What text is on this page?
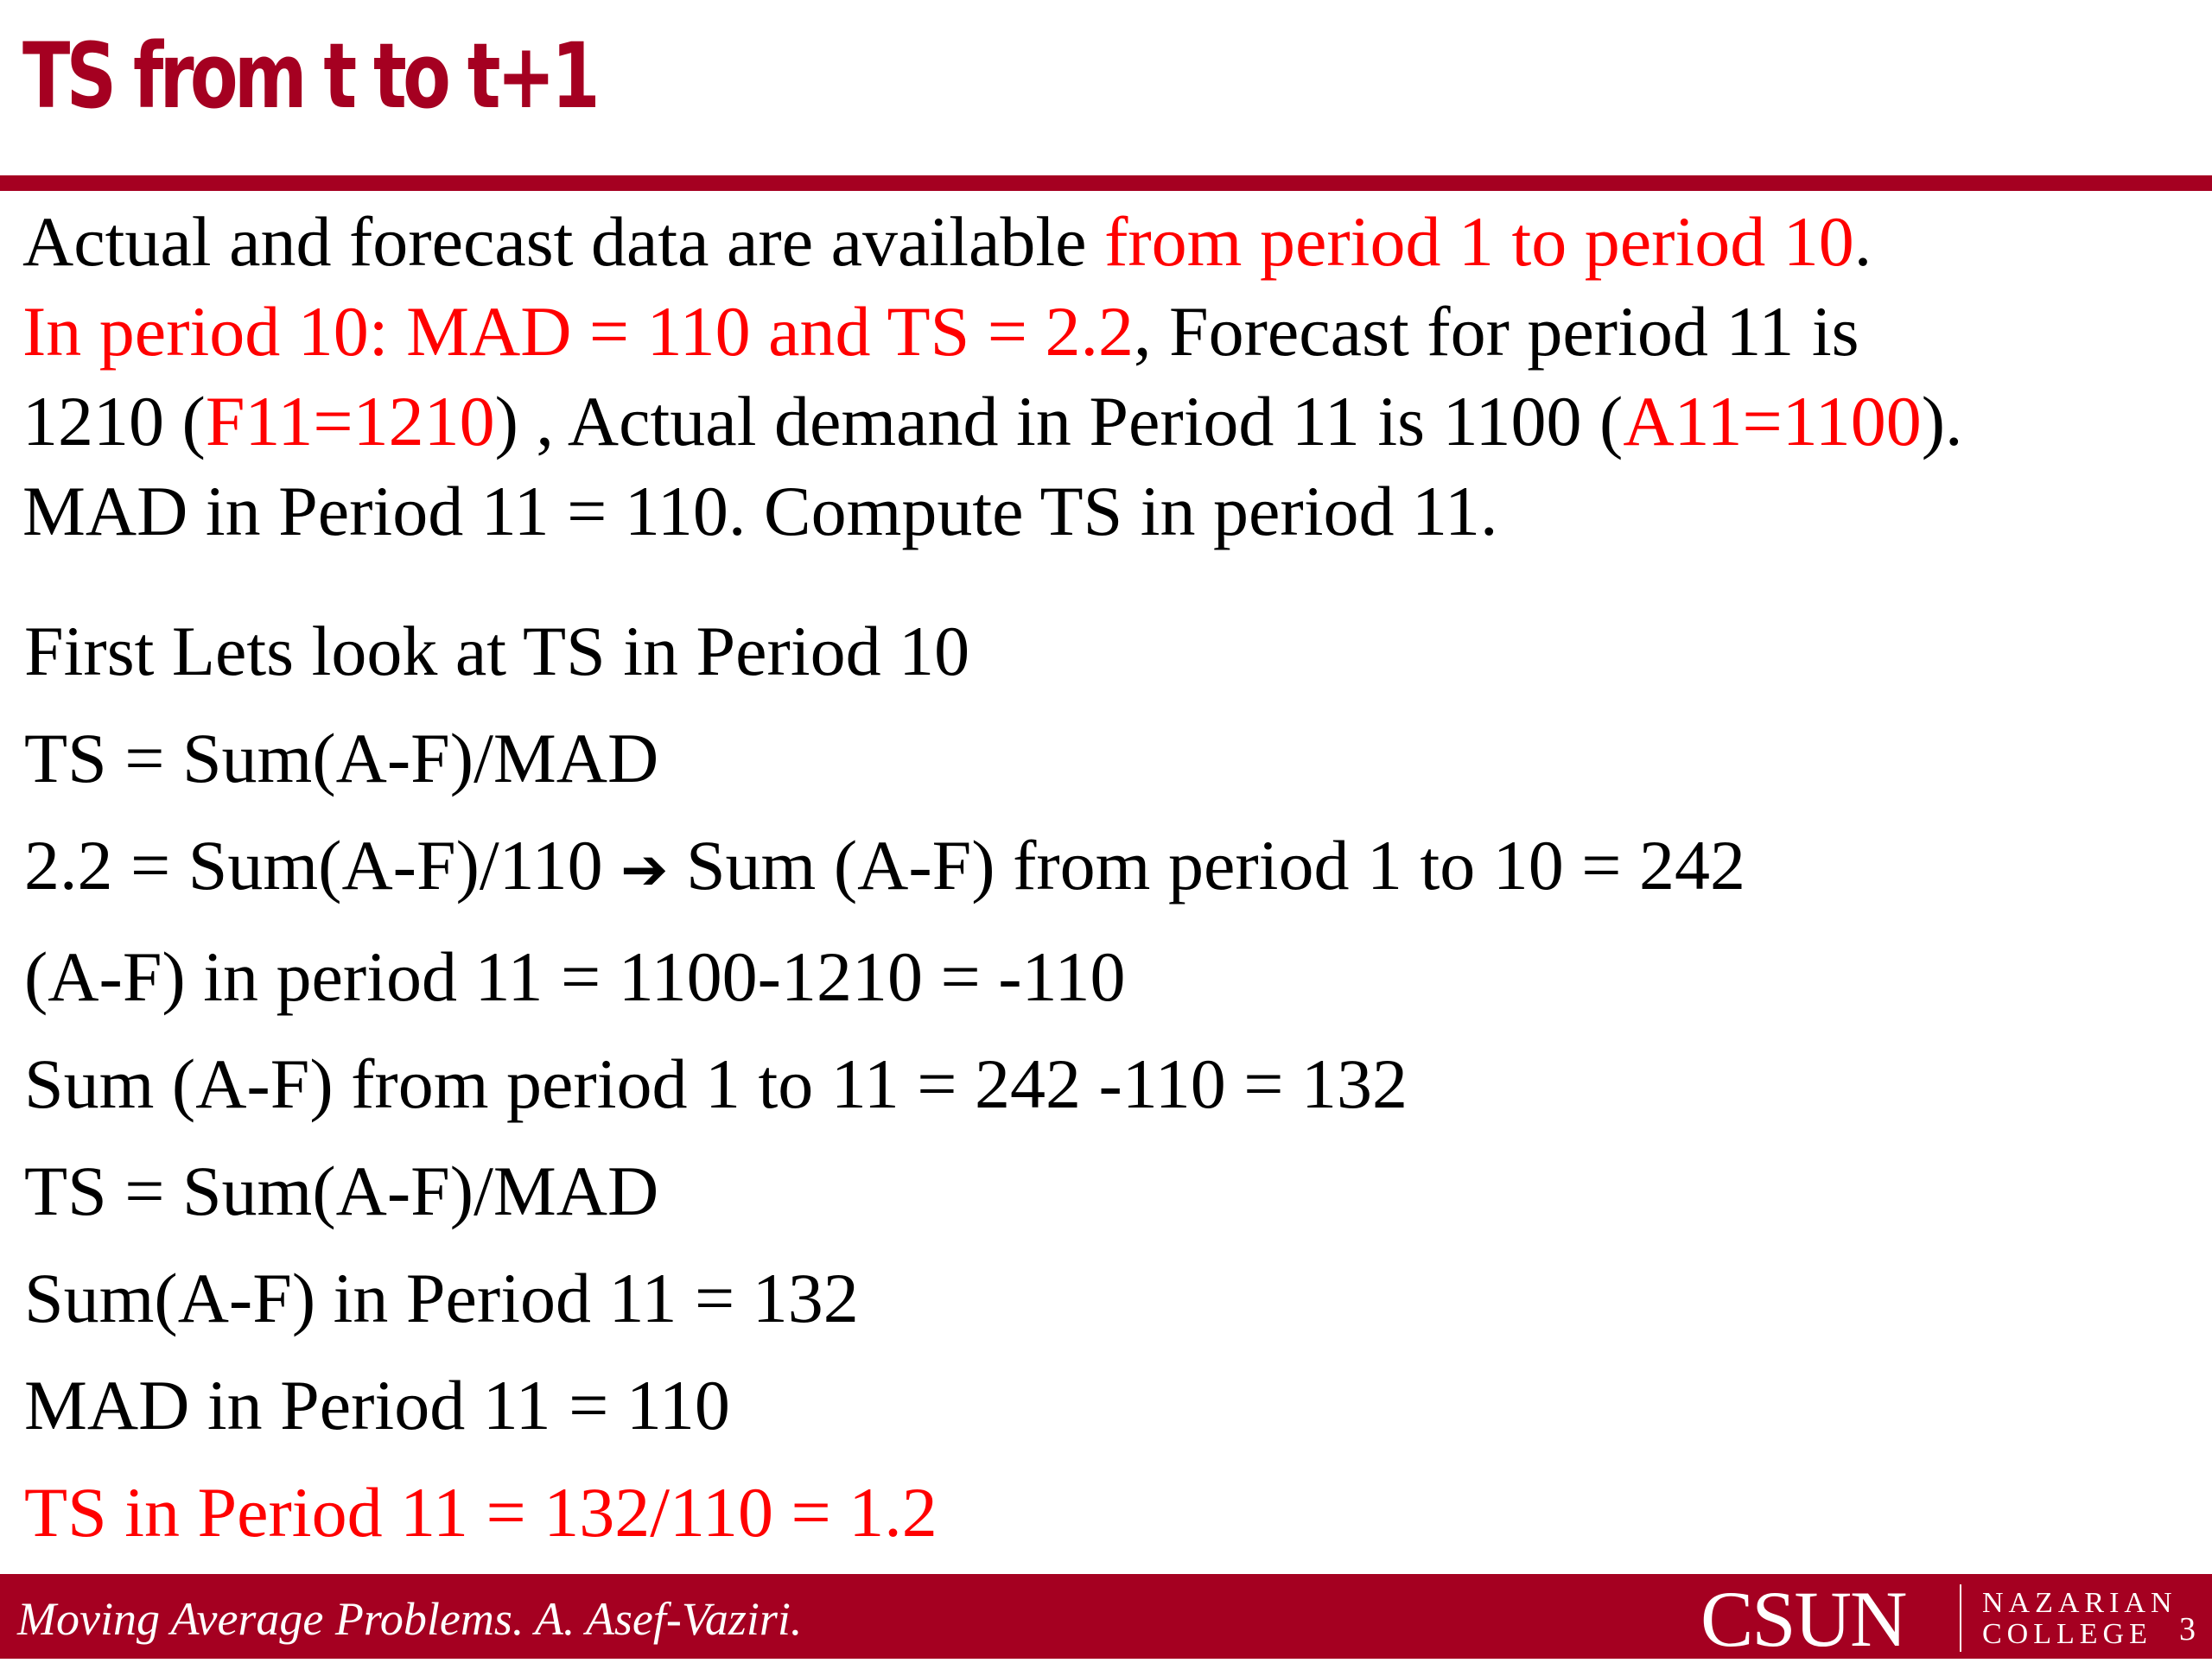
TS from t to t+1
Actual and forecast data are available from period 1 to period 10.
In period 10: MAD = 110 and TS = 2.2, Forecast for period 11 is
1210 (F11=1210) , Actual demand in Period 11 is 1100 (A11=1100).
MAD in Period 11 = 110. Compute TS in period 11.
First Lets look at TS in Period 10
TS = Sum(A-F)/MAD
2.2 = Sum(A-F)/110 ➔ Sum (A-F) from period 1 to 10 = 242
(A-F) in period 11 = 1100-1210 = -110
Sum (A-F) from period 1 to 11 = 242 -110 = 132
TS = Sum(A-F)/MAD
Sum(A-F) in Period 11 = 132
MAD in Period 11 = 110
TS in Period 11 = 132/110 = 1.2
Moving Average Problems. A. Asef-Vaziri.	CSUN	NAZARIAN
COLLEGE 3
